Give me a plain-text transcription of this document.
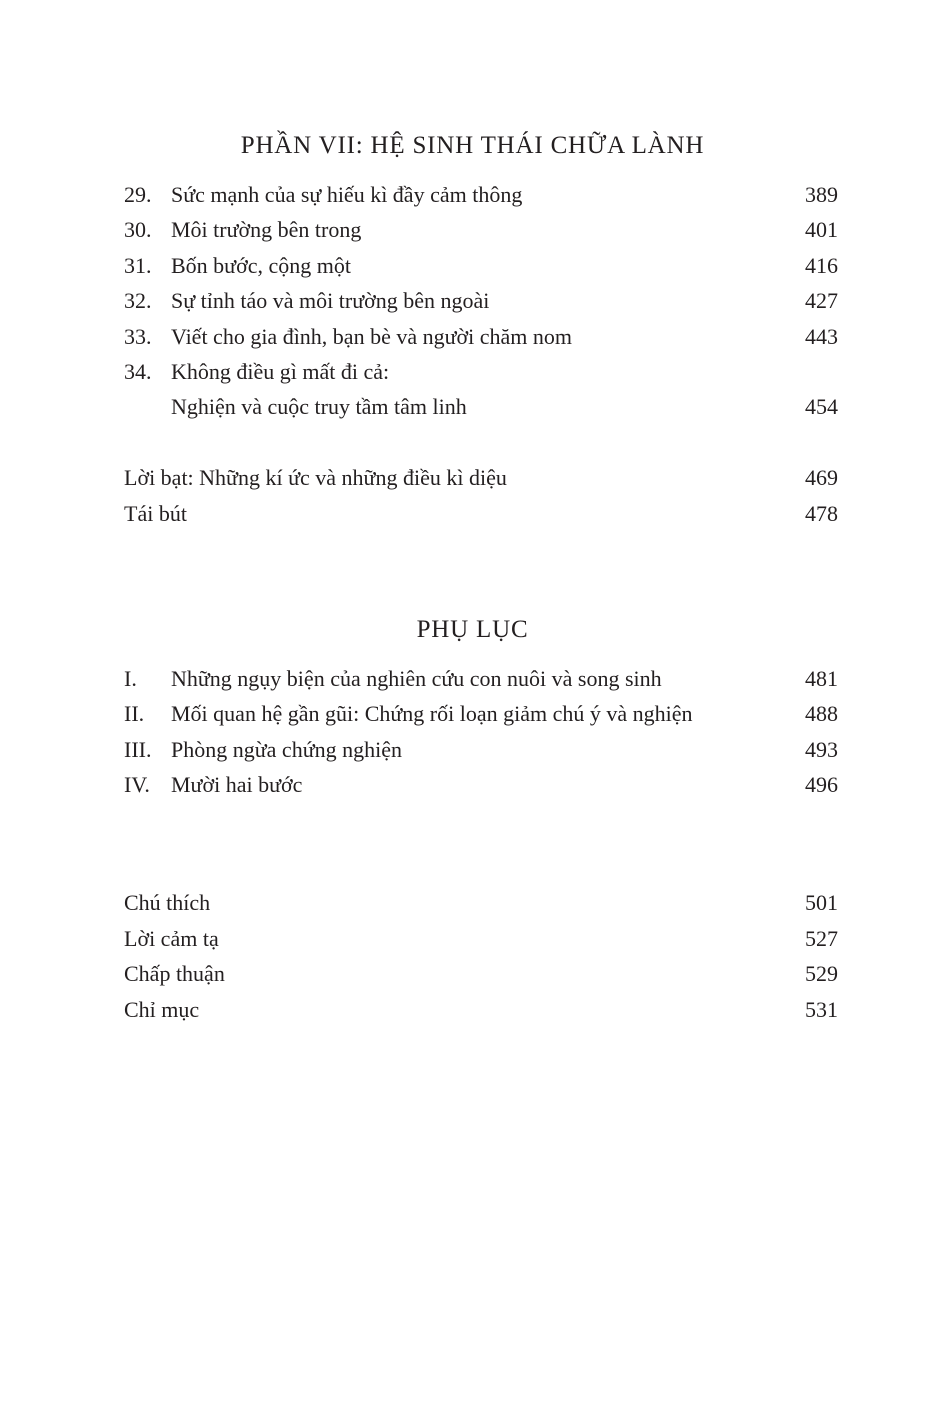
PHẦN VII: HỆ SINH THÁI CHỮA LÀNH
29. Sức mạnh của sự hiếu kì đầy cảm thông	389
30. Môi trường bên trong	401
31. Bốn bước, cộng một	416
32. Sự tỉnh táo và môi trường bên ngoài	427
33. Viết cho gia đình, bạn bè và người chăm nom	443
34. Không điều gì mất đi cả:
Nghiện và cuộc truy tầm tâm linh	454
Lời bạt: Những kí ức và những điều kì diệu	469
Tái bút	478
PHỤ LỤC
I. Những ngụy biện của nghiên cứu con nuôi và song sinh	481
II. Mối quan hệ gần gũi: Chứng rối loạn giảm chú ý và nghiện	488
III. Phòng ngừa chứng nghiện	493
IV. Mười hai bước	496
Chú thích	501
Lời cảm tạ	527
Chấp thuận	529
Chỉ mục	531
